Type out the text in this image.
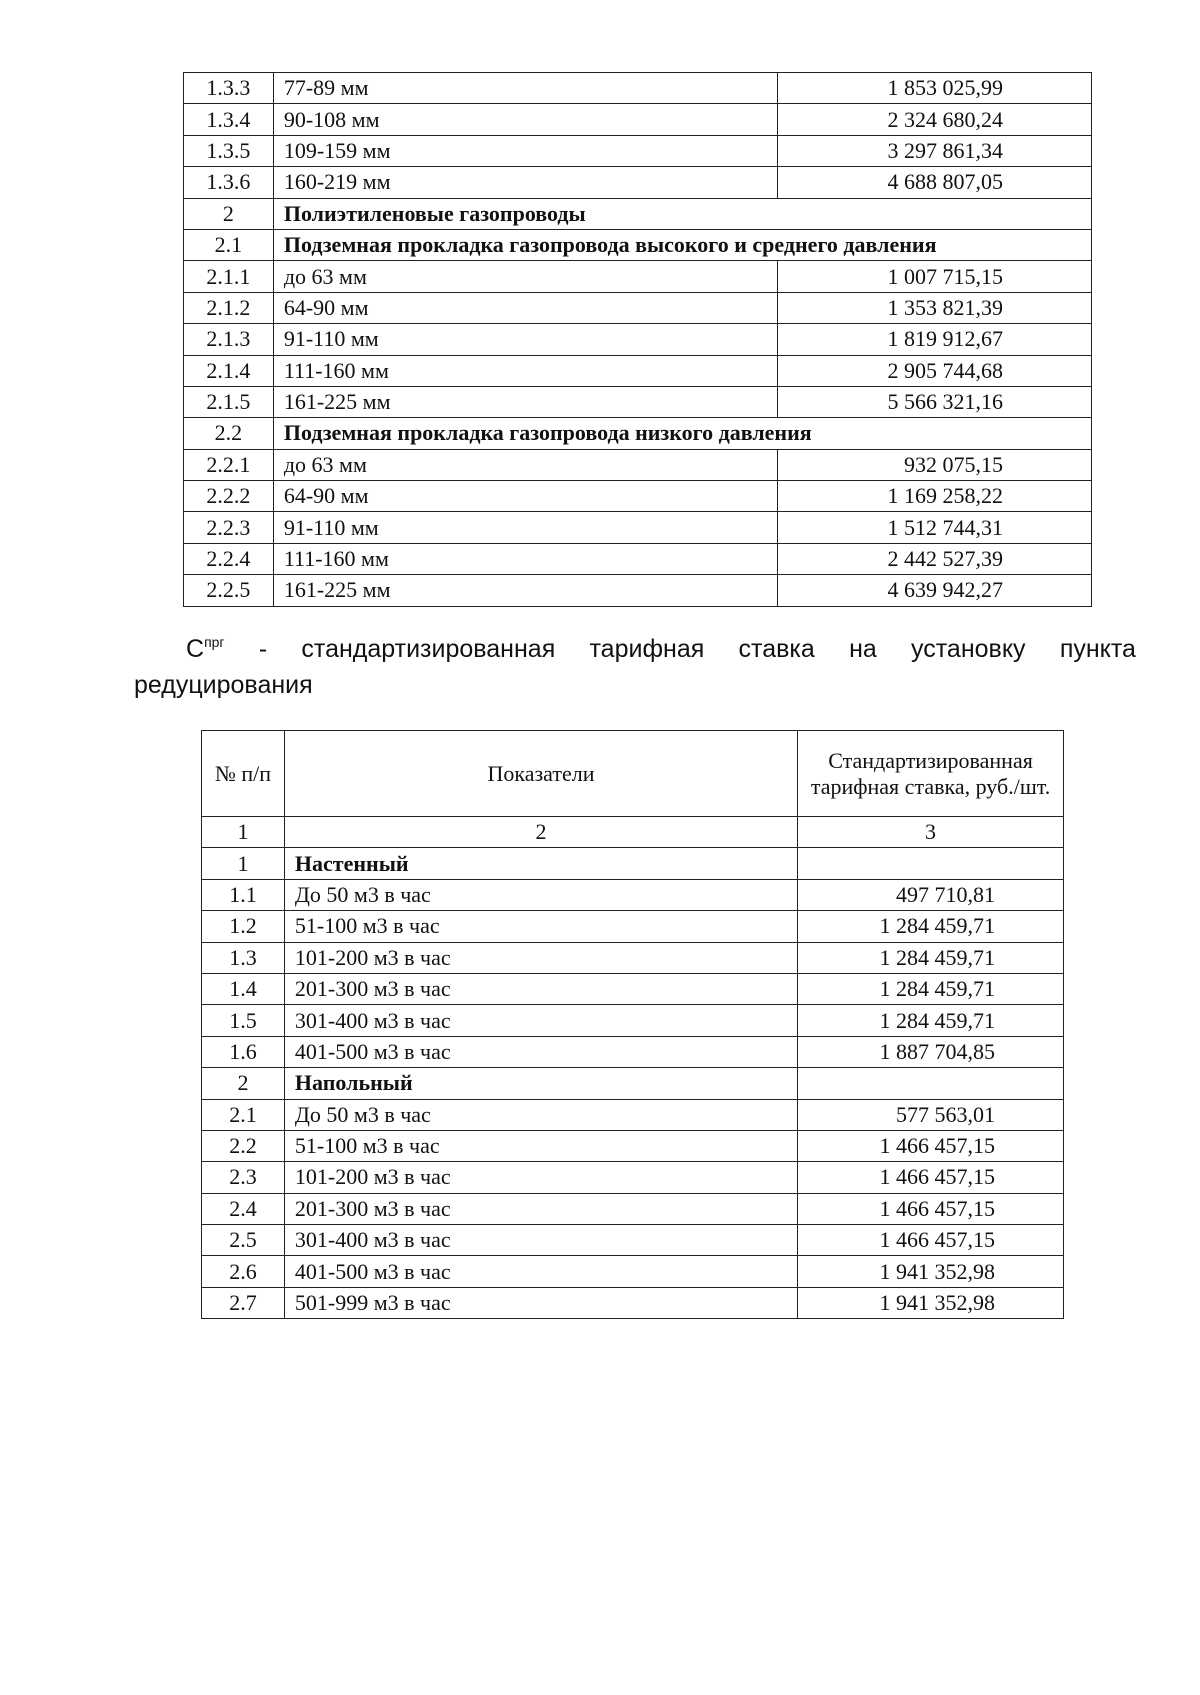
1.3.3	77-89 мм	1 853 025,99
1.3.4	90-108 мм	2 324 680,24
1.3.5	109-159 мм	3 297 861,34
1.3.6	160-219 мм	4 688 807,05
2	Полиэтиленовые газопроводы	
2.1	Подземная прокладка газопровода высокого и среднего давления	
2.1.1	до 63 мм	1 007 715,15
2.1.2	64-90 мм	1 353 821,39
2.1.3	91-110 мм	1 819 912,67
2.1.4	111-160 мм	2 905 744,68
2.1.5	161-225 мм	5 566 321,16
2.2	Подземная прокладка газопровода низкого давления	
2.2.1	до 63 мм	932 075,15
2.2.2	64-90 мм	1 169 258,22
2.2.3	91-110 мм	1 512 744,31
2.2.4	111-160 мм	2 442 527,39
2.2.5	161-225 мм	4 639 942,27
$С^{прг}$ - стандартизированная тарифная ставка на установку пункта
редуцирования
№ п/п	Показатели	Стандартизированная тарифная ставка, руб./шт.
1	2	3
1	Настенный	
1.1	До 50 м3 в час	497 710,81
1.2	51-100 м3 в час	1 284 459,71
1.3	101-200 м3 в час	1 284 459,71
1.4	201-300 м3 в час	1 284 459,71
1.5	301-400 м3 в час	1 284 459,71
1.6	401-500 м3 в час	1 887 704,85
2	Напольный	
2.1	До 50 м3 в час	577 563,01
2.2	51-100 м3 в час	1 466 457,15
2.3	101-200 м3 в час	1 466 457,15
2.4	201-300 м3 в час	1 466 457,15
2.5	301-400 м3 в час	1 466 457,15
2.6	401-500 м3 в час	1 941 352,98
2.7	501-999 м3 в час	1 941 352,98
